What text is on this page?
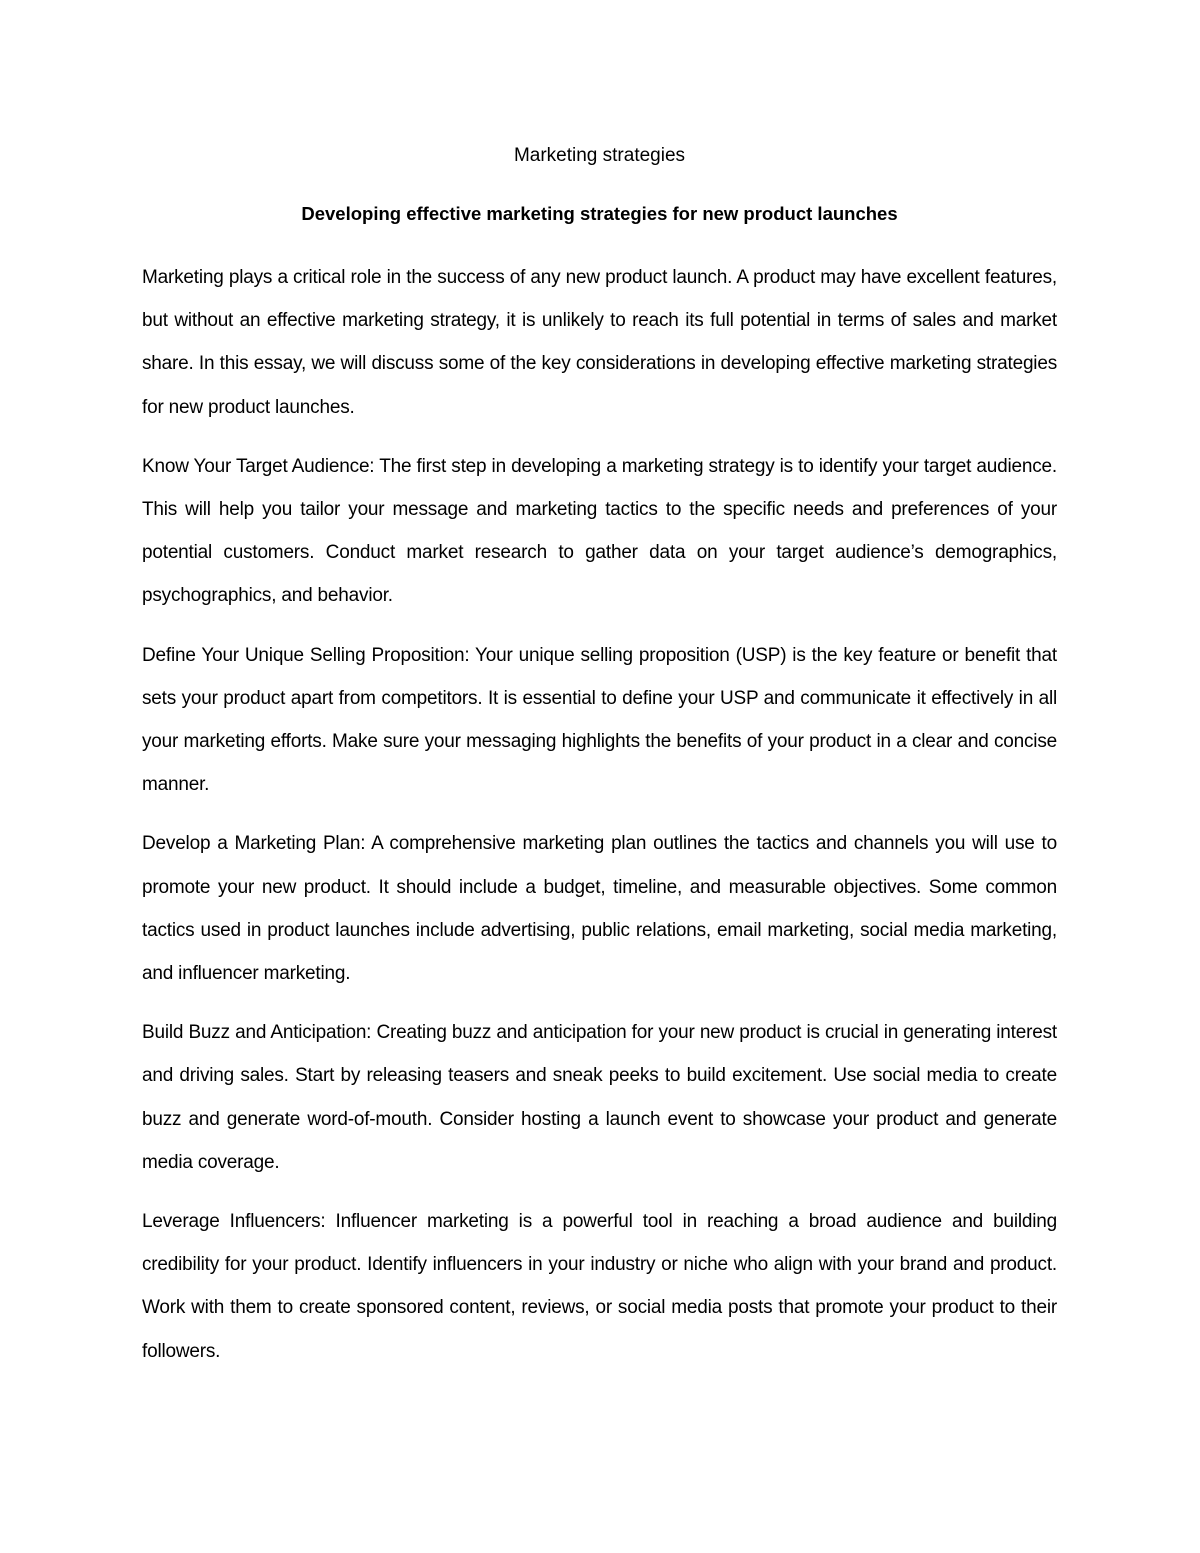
Marketing strategies
Developing effective marketing strategies for new product launches

Marketing plays a critical role in the success of any new product launch. A product may have excellent features, but without an effective marketing strategy, it is unlikely to reach its full potential in terms of sales and market share. In this essay, we will discuss some of the key considerations in developing effective marketing strategies for new product launches.

Know Your Target Audience: The first step in developing a marketing strategy is to identify your target audience. This will help you tailor your message and marketing tactics to the specific needs and preferences of your potential customers. Conduct market research to gather data on your target audience’s demographics, psychographics, and behavior.

Define Your Unique Selling Proposition: Your unique selling proposition (USP) is the key feature or benefit that sets your product apart from competitors. It is essential to define your USP and communicate it effectively in all your marketing efforts. Make sure your messaging highlights the benefits of your product in a clear and concise manner.

Develop a Marketing Plan: A comprehensive marketing plan outlines the tactics and channels you will use to promote your new product. It should include a budget, timeline, and measurable objectives. Some common tactics used in product launches include advertising, public relations, email marketing, social media marketing, and influencer marketing.

Build Buzz and Anticipation: Creating buzz and anticipation for your new product is crucial in generating interest and driving sales. Start by releasing teasers and sneak peeks to build excitement. Use social media to create buzz and generate word-of-mouth. Consider hosting a launch event to showcase your product and generate media coverage.

Leverage Influencers: Influencer marketing is a powerful tool in reaching a broad audience and building credibility for your product. Identify influencers in your industry or niche who align with your brand and product. Work with them to create sponsored content, reviews, or social media posts that promote your product to their followers.
